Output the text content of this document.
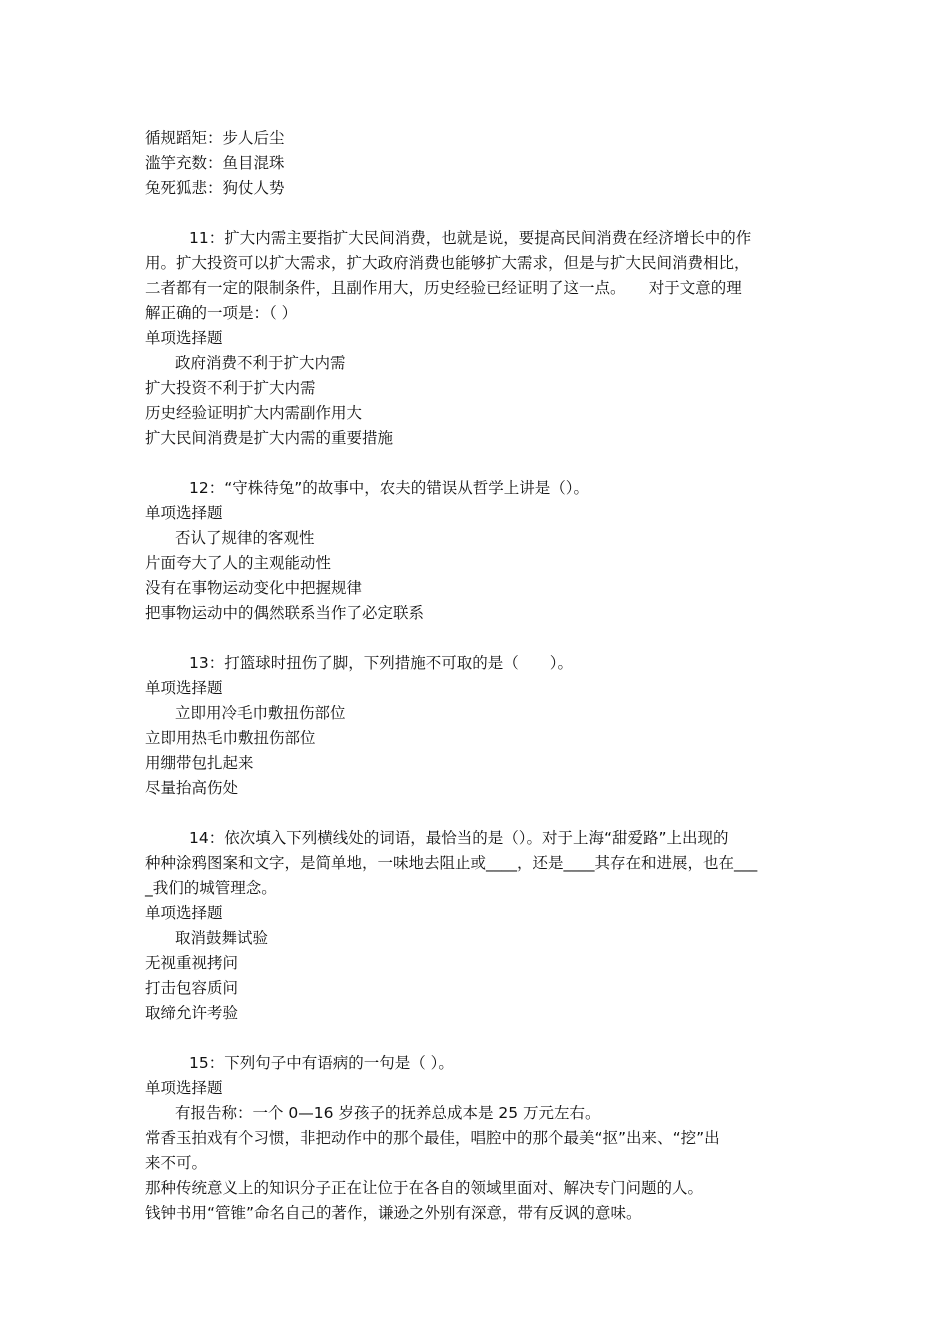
循规蹈矩：步人后尘
滥竽充数：鱼目混珠
兔死狐悲：狗仗人势
11：扩大内需主要指扩大民间消费，也就是说，要提高民间消费在经济增长中的作
用。扩大投资可以扩大需求，扩大政府消费也能够扩大需求，但是与扩大民间消费相比，
二者都有一定的限制条件，且副作用大，历史经验已经证明了这一点。　　对于文意的理
解正确的一项是：（ ）
单项选择题
政府消费不利于扩大内需
扩大投资不利于扩大内需
历史经验证明扩大内需副作用大
扩大民间消费是扩大内需的重要措施
12：“守株待兔”的故事中，农夫的错误从哲学上讲是（）。
单项选择题
否认了规律的客观性
片面夸大了人的主观能动性
没有在事物运动变化中把握规律
把事物运动中的偶然联系当作了必定联系
13：打篮球时扭伤了脚，下列措施不可取的是（　　）。
单项选择题
立即用冷毛巾敷扭伤部位
立即用热毛巾敷扭伤部位
用绷带包扎起来
尽量抬高伤处
14：依次填入下列横线处的词语，最恰当的是（）。对于上海“甜爱路”上出现的
种种涂鸦图案和文字，是简单地，一味地去阻止或____，还是____其存在和进展，也在___
_我们的城管理念。
单项选择题
取消鼓舞试验
无视重视拷问
打击包容质问
取缔允许考验
15：下列句子中有语病的一句是（ ）。
单项选择题
有报告称：一个 0—16 岁孩子的抚养总成本是 25 万元左右。
常香玉拍戏有个习惯，非把动作中的那个最佳，唱腔中的那个最美“抠”出来、“挖”出
来不可。
那种传统意义上的知识分子正在让位于在各自的领域里面对、解决专门问题的人。
钱钟书用“管锥”命名自己的著作，谦逊之外别有深意，带有反讽的意味。
